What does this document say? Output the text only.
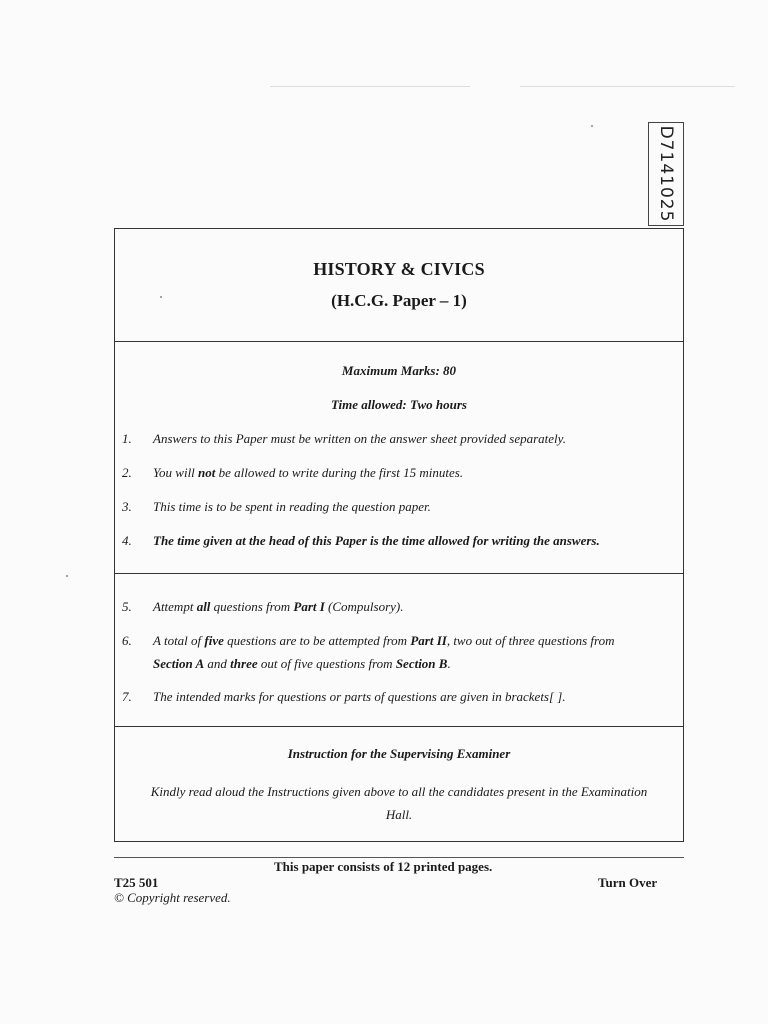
D7141025
HISTORY & CIVICS
(H.C.G. Paper – 1)
Maximum Marks: 80
Time allowed: Two hours
1. Answers to this Paper must be written on the answer sheet provided separately.
2. You will not be allowed to write during the first 15 minutes.
3. This time is to be spent in reading the question paper.
4. The time given at the head of this Paper is the time allowed for writing the answers.
5. Attempt all questions from Part I (Compulsory).
6. A total of five questions are to be attempted from Part II, two out of three questions from
Section A and three out of five questions from Section B.
7. The intended marks for questions or parts of questions are given in brackets[ ].
Instruction for the Supervising Examiner
Kindly read aloud the Instructions given above to all the candidates present in the Examination Hall.
This paper consists of 12 printed pages.
T25 501
© Copyright reserved.
Turn Over
